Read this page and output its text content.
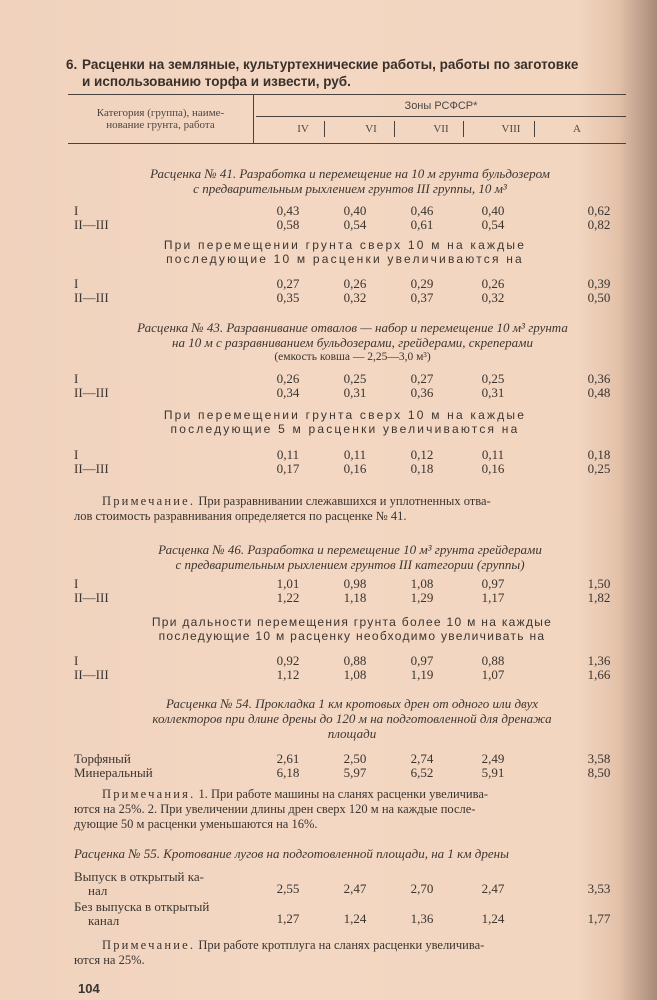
6. Расценки на земляные, культуртехнические работы, работы по заготовке
и использованию торфа и извести, руб.
Категория (группа), наиме-
нование грунта, работа
Зоны РСФСР*
IV	VI	VII	VIII	А
Расценка № 41. Разработка и перемещение на 10 м грунта бульдозером
с предварительным рыхлением грунтов III группы, 10 м³
I	0,43	0,40	0,46	0,40	0,62
II—III	0,58	0,54	0,61	0,54	0,82
При перемещении грунта сверх 10 м на каждые
последующие 10 м расценки увеличиваются на
I	0,27	0,26	0,29	0,26	0,39
II—III	0,35	0,32	0,37	0,32	0,50
Расценка № 43. Разравнивание отвалов — набор и перемещение 10 м³ грунта
на 10 м с разравниванием бульдозерами, грейдерами, скреперами
(емкость ковша — 2,25—3,0 м³)
I	0,26	0,25	0,27	0,25	0,36
II—III	0,34	0,31	0,36	0,31	0,48
При перемещении грунта сверх 10 м на каждые
последующие 5 м расценки увеличиваются на
I	0,11	0,11	0,12	0,11	0,18
II—III	0,17	0,16	0,18	0,16	0,25
Примечание. При разравнивании слежавшихся и уплотненных отва-
лов стоимость разравнивания определяется по расценке № 41.
Расценка № 46. Разработка и перемещение 10 м³ грунта грейдерами
с предварительным рыхлением грунтов III категории (группы)
I	1,01	0,98	1,08	0,97	1,50
II—III	1,22	1,18	1,29	1,17	1,82
При дальности перемещения грунта более 10 м на каждые
последующие 10 м расценку необходимо увеличивать на
I	0,92	0,88	0,97	0,88	1,36
II—III	1,12	1,08	1,19	1,07	1,66
Расценка № 54. Прокладка 1 км кротовых дрен от одного или двух
коллекторов при длине дрены до 120 м на подготовленной для дренажа
площади
Торфяный	2,61	2,50	2,74	2,49	3,58
Минеральный	6,18	5,97	6,52	5,91	8,50
Примечания. 1. При работе машины на сланях расценки увеличива-
ются на 25%. 2. При увеличении длины дрен сверх 120 м на каждые после-
дующие 50 м расценки уменьшаются на 16%.
Расценка № 55. Кротование лугов на подготовленной площади, на 1 км дрены
Выпуск в открытый ка-
нал	2,55	2,47	2,70	2,47	3,53
Без выпуска в открытый
канал	1,27	1,24	1,36	1,24	1,77
Примечание. При работе кротплуга на сланях расценки увеличива-
ются на 25%.
104
